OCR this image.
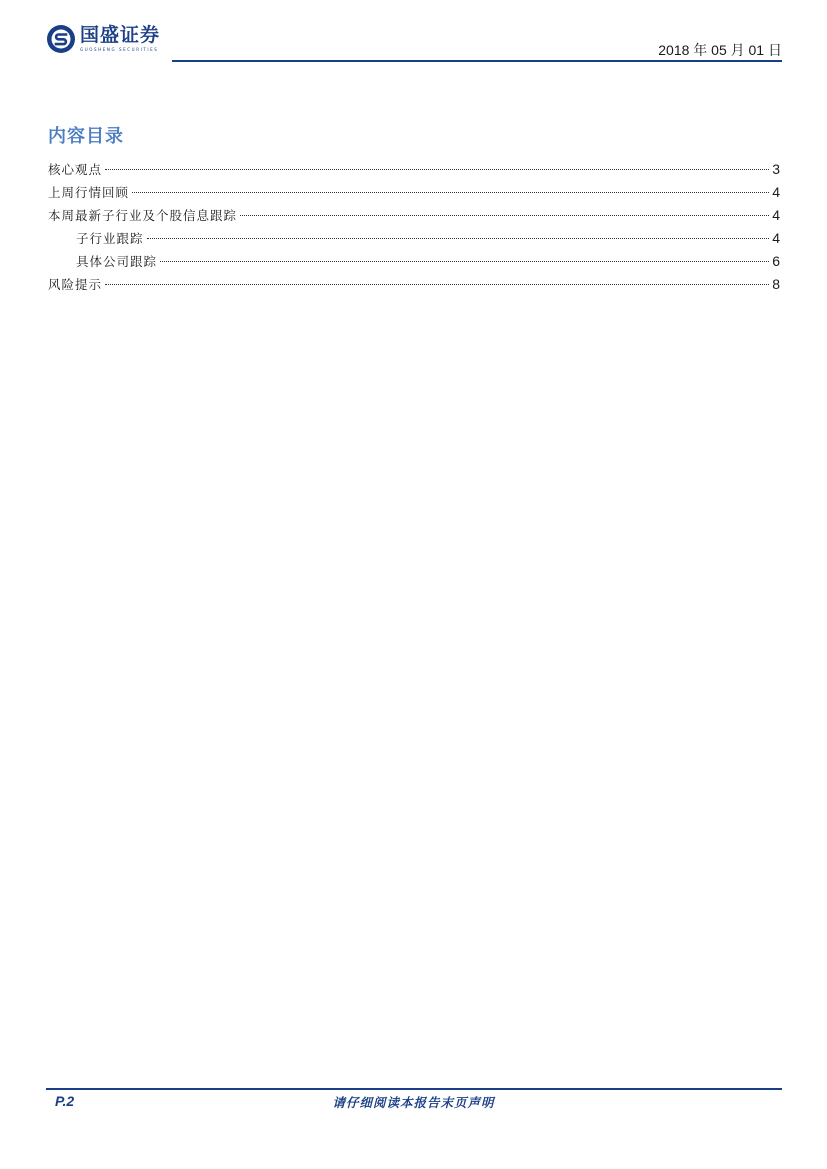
国盛证券
GUOSHENG SECURITIES	2018 年 05 月 01 日
内容目录
核心观点	3
上周行情回顾	4
本周最新子行业及个股信息跟踪	4
子行业跟踪	4
具体公司跟踪	6
风险提示	8
P.2	请仔细阅读本报告末页声明
